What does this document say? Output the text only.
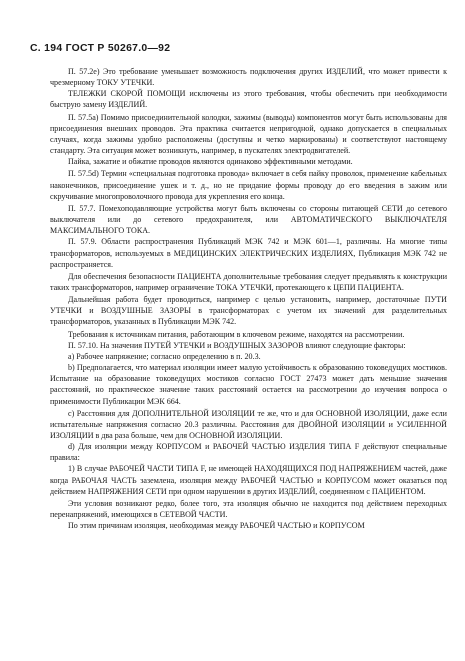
С. 194 ГОСТ Р 50267.0—92

П. 57.2е) Это требование уменьшает возможность подключения других ИЗДЕЛИЙ, что может привести к чрезмерному ТОКУ УТЕЧКИ.

ТЕЛЕЖКИ СКОРОЙ ПОМОЩИ исключены из этого требования, чтобы обеспечить при необходимости быструю замену ИЗДЕЛИЙ.

П. 57.5а) Помимо присоединительной колодки, зажимы (выводы) компонентов могут быть использованы для присоединения внешних проводов. Эта практика считается непригодной, однако допускается в специальных случаях, когда зажимы удобно расположены (доступны и четко маркированы) и соответствуют настоящему стандарту. Эта ситуация может возникнуть, например, в пускателях электродвигателей.

Пайка, зажатие и обжатие проводов являются одинаково эффективными методами.

П. 57.5d) Термин «специальная подготовка провода» включает в себя пайку проволок, применение кабельных наконечников, присоединение ушек и т. д., но не придание формы проводу до его введения в зажим или скручивание многопроволочного провода для укрепления его конца.

П. 57.7. Помехоподавляющие устройства могут быть включены со стороны питающей СЕТИ до сетевого выключателя или до сетевого предохранителя, или АВТОМАТИЧЕСКОГО ВЫКЛЮЧАТЕЛЯ МАКСИМАЛЬНОГО ТОКА.

П. 57.9. Области распространения Публикаций МЭК 742 и МЭК 601—1, различны. На многие типы трансформаторов, используемых в МЕДИЦИНСКИХ ЭЛЕКТРИЧЕСКИХ ИЗДЕЛИЯХ, Публикация МЭК 742 не распространяется.

Для обеспечения безопасности ПАЦИЕНТА дополнительные требования следует предъявлять к конструкции таких трансформаторов, например ограничение ТОКА УТЕЧКИ, протекающего к ЦЕПИ ПАЦИЕНТА.

Дальнейшая работа будет проводиться, например с целью установить, например, достаточные ПУТИ УТЕЧКИ и ВОЗДУШНЫЕ ЗАЗОРЫ в трансформаторах с учетом их значений для разделительных трансформаторов, указанных в Публикации МЭК 742.

Требования к источникам питания, работающим в ключевом режиме, находятся на рассмотрении.

П. 57.10. На значения ПУТЕЙ УТЕЧКИ и ВОЗДУШНЫХ ЗАЗОРОВ влияют следующие факторы:

а) Рабочее напряжение; согласно определению в п. 20.3.

b) Предполагается, что материал изоляции имеет малую устойчивость к образованию токоведущих мостиков. Испытание на образование токоведущих мостиков согласно ГОСТ 27473 может дать меньшие значения расстояний, но практическое значение таких расстояний остается на рассмотрении до изучения вопроса о применимости Публикации МЭК 664.

с) Расстояния для ДОПОЛНИТЕЛЬНОЙ ИЗОЛЯЦИИ те же, что и для ОСНОВНОЙ ИЗОЛЯЦИИ, даже если испытательные напряжения согласно 20.3 различны. Расстояния для ДВОЙНОЙ ИЗОЛЯЦИИ и УСИЛЕННОЙ ИЗОЛЯЦИИ в два раза больше, чем для ОСНОВНОЙ ИЗОЛЯЦИИ.

d) Для изоляции между КОРПУСОМ и РАБОЧЕЙ ЧАСТЬЮ ИЗДЕЛИЯ ТИПА F действуют специальные правила:

1) В случае РАБОЧЕЙ ЧАСТИ ТИПА F, не имеющей НАХОДЯЩИХСЯ ПОД НАПРЯЖЕНИЕМ частей, даже когда РАБОЧАЯ ЧАСТЬ заземлена, изоляция между РАБОЧЕЙ ЧАСТЬЮ и КОРПУСОМ может оказаться под действием НАПРЯЖЕНИЯ СЕТИ при одном нарушении в других ИЗДЕЛИЙ, соединенном с ПАЦИЕНТОМ.

Эти условия возникают редко, более того, эта изоляция обычно не находится под действием переходных перенапряжений, имеющихся в СЕТЕВОЙ ЧАСТИ.

По этим причинам изоляция, необходимая между РАБОЧЕЙ ЧАСТЬЮ и КОРПУСОМ
